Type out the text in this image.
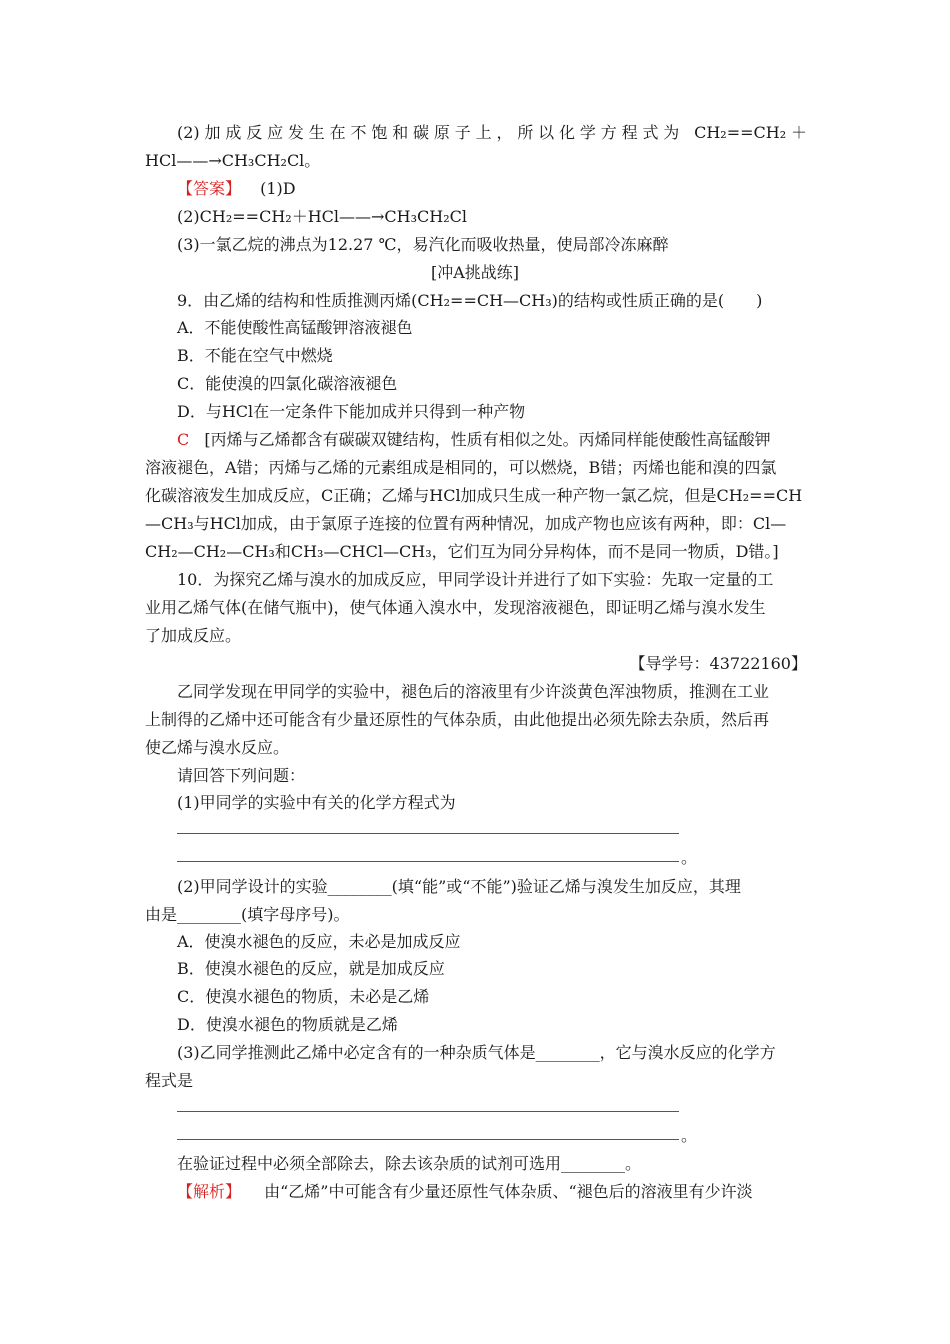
(2)加成反应发生在不饱和碳原子上，所以化学方程式为 CH₂==CH₂＋
HCl——→CH₃CH₂Cl。
【答案】 (1)D
(2)CH₂==CH₂＋HCl——→CH₃CH₂Cl
(3)一氯乙烷的沸点为12.27 ℃，易汽化而吸收热量，使局部冷冻麻醉
[冲A挑战练]
9．由乙烯的结构和性质推测丙烯(CH₂==CH—CH₃)的结构或性质正确的是(　　)
A．不能使酸性高锰酸钾溶液褪色
B．不能在空气中燃烧
C．能使溴的四氯化碳溶液褪色
D．与HCl在一定条件下能加成并只得到一种产物
C [丙烯与乙烯都含有碳碳双键结构，性质有相似之处。丙烯同样能使酸性高锰酸钾
溶液褪色，A错；丙烯与乙烯的元素组成是相同的，可以燃烧，B错；丙烯也能和溴的四氯
化碳溶液发生加成反应，C正确；乙烯与HCl加成只生成一种产物一氯乙烷，但是CH₂==CH
—CH₃与HCl加成，由于氯原子连接的位置有两种情况，加成产物也应该有两种，即：Cl—
CH₂—CH₂—CH₃和CH₃—CHCl—CH₃，它们互为同分异构体，而不是同一物质，D错。]
10．为探究乙烯与溴水的加成反应，甲同学设计并进行了如下实验：先取一定量的工
业用乙烯气体(在储气瓶中)，使气体通入溴水中，发现溶液褪色，即证明乙烯与溴水发生
了加成反应。
【导学号：43722160】
乙同学发现在甲同学的实验中，褪色后的溶液里有少许淡黄色浑浊物质，推测在工业
上制得的乙烯中还可能含有少量还原性的气体杂质，由此他提出必须先除去杂质，然后再
使乙烯与溴水反应。
请回答下列问题：
(1)甲同学的实验中有关的化学方程式为
。
(2)甲同学设计的实验________(填“能”或“不能”)验证乙烯与溴发生加反应，其理
由是________(填字母序号)。
A．使溴水褪色的反应，未必是加成反应
B．使溴水褪色的反应，就是加成反应
C．使溴水褪色的物质，未必是乙烯
D．使溴水褪色的物质就是乙烯
(3)乙同学推测此乙烯中必定含有的一种杂质气体是________，它与溴水反应的化学方
程式是
。
在验证过程中必须全部除去，除去该杂质的试剂可选用________。
【解析】 由“乙烯”中可能含有少量还原性气体杂质、“褪色后的溶液里有少许淡
